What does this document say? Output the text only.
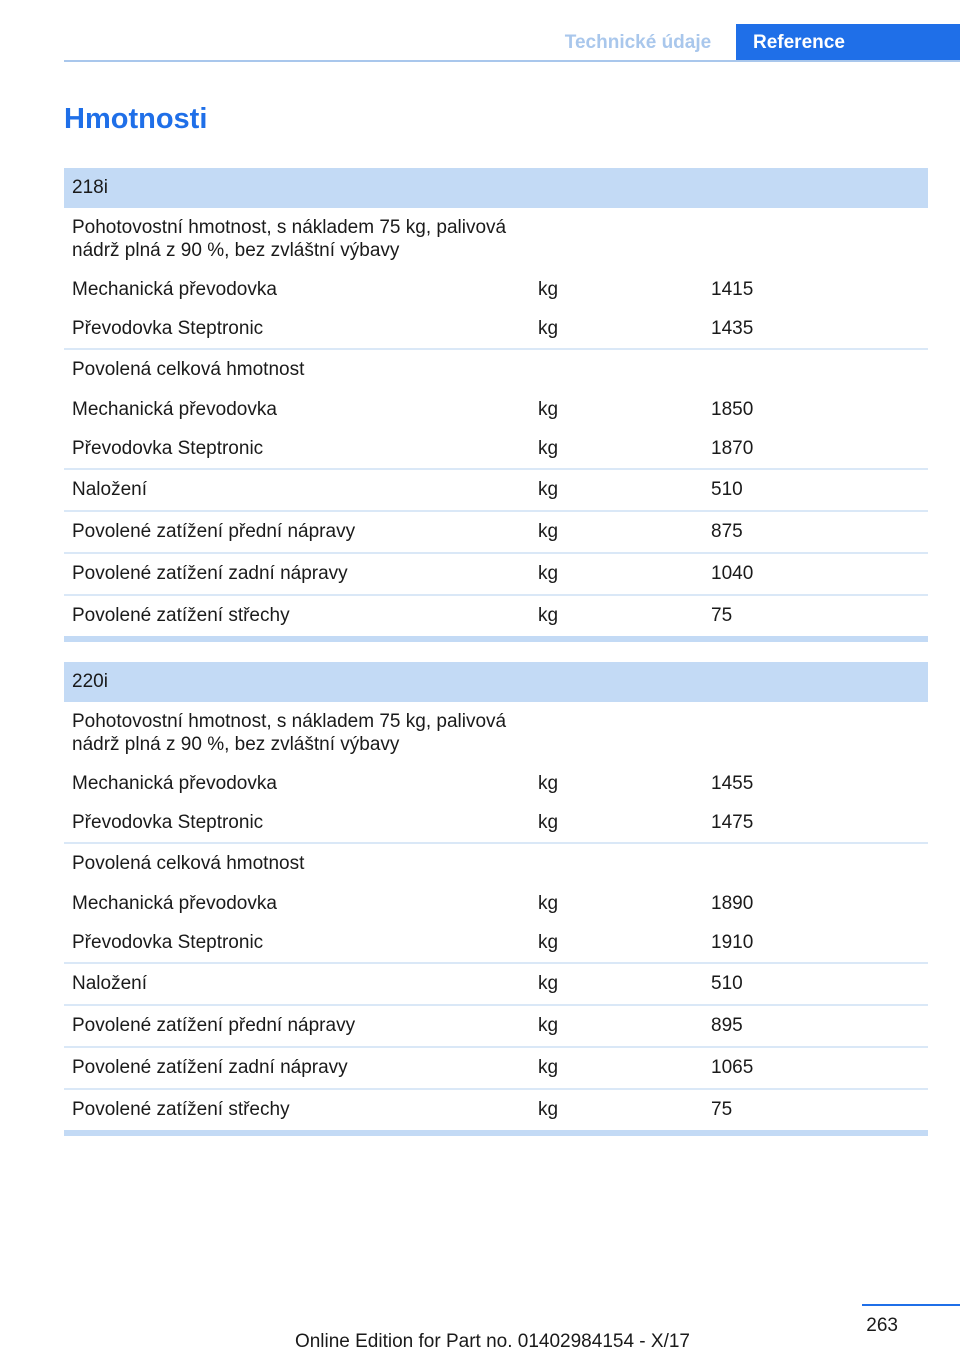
Technické údaje	Reference
Hmotnosti
218i
Pohotovostní hmotnost, s nákladem 75 kg, palivová nádrž plná z 90 %, bez zvláštní výbavy
Mechanická převodovka	kg	1415
Převodovka Steptronic	kg	1435
Povolená celková hmotnost
Mechanická převodovka	kg	1850
Převodovka Steptronic	kg	1870
Naložení	kg	510
Povolené zatížení přední nápravy	kg	875
Povolené zatížení zadní nápravy	kg	1040
Povolené zatížení střechy	kg	75
220i
Pohotovostní hmotnost, s nákladem 75 kg, palivová nádrž plná z 90 %, bez zvláštní výbavy
Mechanická převodovka	kg	1455
Převodovka Steptronic	kg	1475
Povolená celková hmotnost
Mechanická převodovka	kg	1890
Převodovka Steptronic	kg	1910
Naložení	kg	510
Povolené zatížení přední nápravy	kg	895
Povolené zatížení zadní nápravy	kg	1065
Povolené zatížení střechy	kg	75
263
Online Edition for Part no. 01402984154 - X/17
